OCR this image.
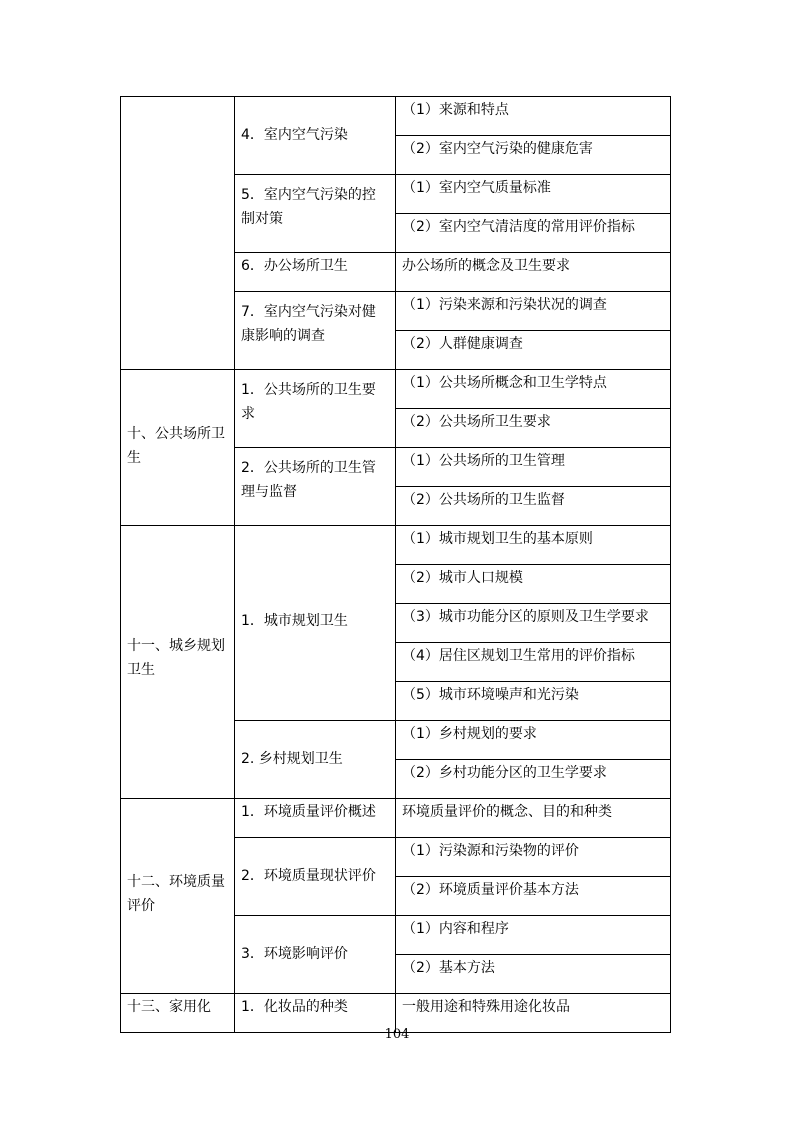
	4．室内空气污染	（1）来源和特点

		（2）室内空气污染的健康危害

	5．室内空气污染的控制对策	（1）室内空气质量标准

		（2）室内空气清洁度的常用评价指标

	6．办公场所卫生	办公场所的概念及卫生要求

	7．室内空气污染对健康影响的调查	（1）污染来源和污染状况的调查

		（2）人群健康调查

十、公共场所卫生	1．公共场所的卫生要求	（1）公共场所概念和卫生学特点

		（2）公共场所卫生要求

	2．公共场所的卫生管理与监督	（1）公共场所的卫生管理

		（2）公共场所的卫生监督

十一、城乡规划卫生	1．城市规划卫生	（1）城市规划卫生的基本原则

		（2）城市人口规模

		（3）城市功能分区的原则及卫生学要求

		（4）居住区规划卫生常用的评价指标

		（5）城市环境噪声和光污染

	2. 乡村规划卫生	（1）乡村规划的要求

		（2）乡村功能分区的卫生学要求

十二、环境质量评价	1．环境质量评价概述	环境质量评价的概念、目的和种类

	2．环境质量现状评价	（1）污染源和污染物的评价

		（2）环境质量评价基本方法

	3．环境影响评价	（1）内容和程序

		（2）基本方法

十三、家用化	1．化妆品的种类	一般用途和特殊用途化妆品
104
